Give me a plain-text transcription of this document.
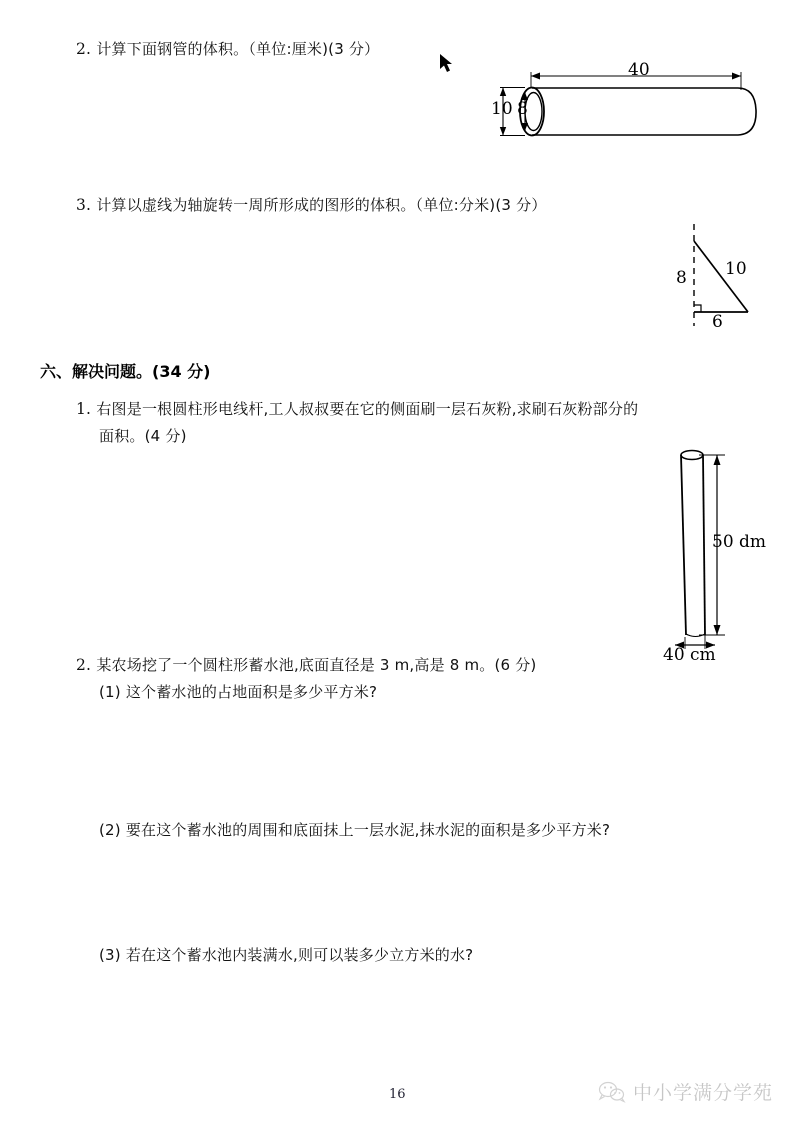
2. 计算下面钢管的体积。（单位:厘米)(3 分）
10 8
40
3. 计算以虚线为轴旋转一周所形成的图形的体积。（单位:分米)(3 分）
8 10
6
六、解决问题。(34 分)
1. 右图是一根圆柱形电线杆,工人叔叔要在它的侧面刷一层石灰粉,求刷石灰粉部分的
面积。(4 分)
50 dm
40 cm
2. 某农场挖了一个圆柱形蓄水池,底面直径是 3 m,高是 8 m。(6 分)
(1) 这个蓄水池的占地面积是多少平方米?
(2) 要在这个蓄水池的周围和底面抹上一层水泥,抹水泥的面积是多少平方米?
(3) 若在这个蓄水池内装满水,则可以装多少立方米的水?
16	中小学满分学苑
